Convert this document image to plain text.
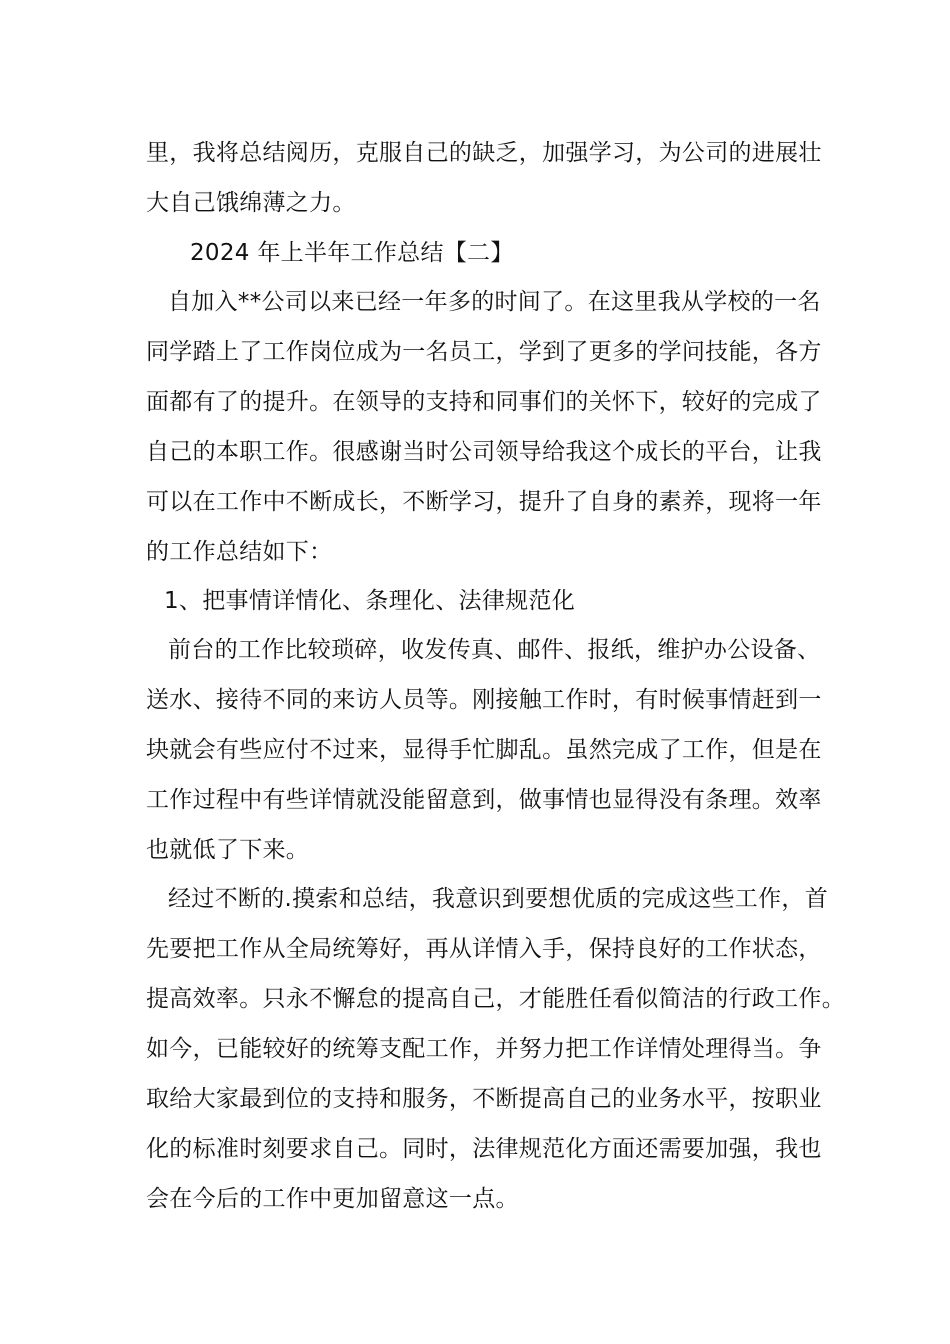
里，我将总结阅历，克服自己的缺乏，加强学习，为公司的进展壮
大自己饿绵薄之力。
2024 年上半年工作总结【二】
自加入**公司以来已经一年多的时间了。在这里我从学校的一名
同学踏上了工作岗位成为一名员工，学到了更多的学问技能，各方
面都有了的提升。在领导的支持和同事们的关怀下，较好的完成了
自己的本职工作。很感谢当时公司领导给我这个成长的平台，让我
可以在工作中不断成长，不断学习，提升了自身的素养，现将一年
的工作总结如下：
1、把事情详情化、条理化、法律规范化
前台的工作比较琐碎，收发传真、邮件、报纸，维护办公设备、
送水、接待不同的来访人员等。刚接触工作时，有时候事情赶到一
块就会有些应付不过来，显得手忙脚乱。虽然完成了工作，但是在
工作过程中有些详情就没能留意到，做事情也显得没有条理。效率
也就低了下来。
经过不断的.摸索和总结，我意识到要想优质的完成这些工作，首
先要把工作从全局统筹好，再从详情入手，保持良好的工作状态，
提高效率。只永不懈怠的提高自己，才能胜任看似简洁的行政工作。
如今，已能较好的统筹支配工作，并努力把工作详情处理得当。争
取给大家最到位的支持和服务，不断提高自己的业务水平，按职业
化的标准时刻要求自己。同时，法律规范化方面还需要加强，我也
会在今后的工作中更加留意这一点。
